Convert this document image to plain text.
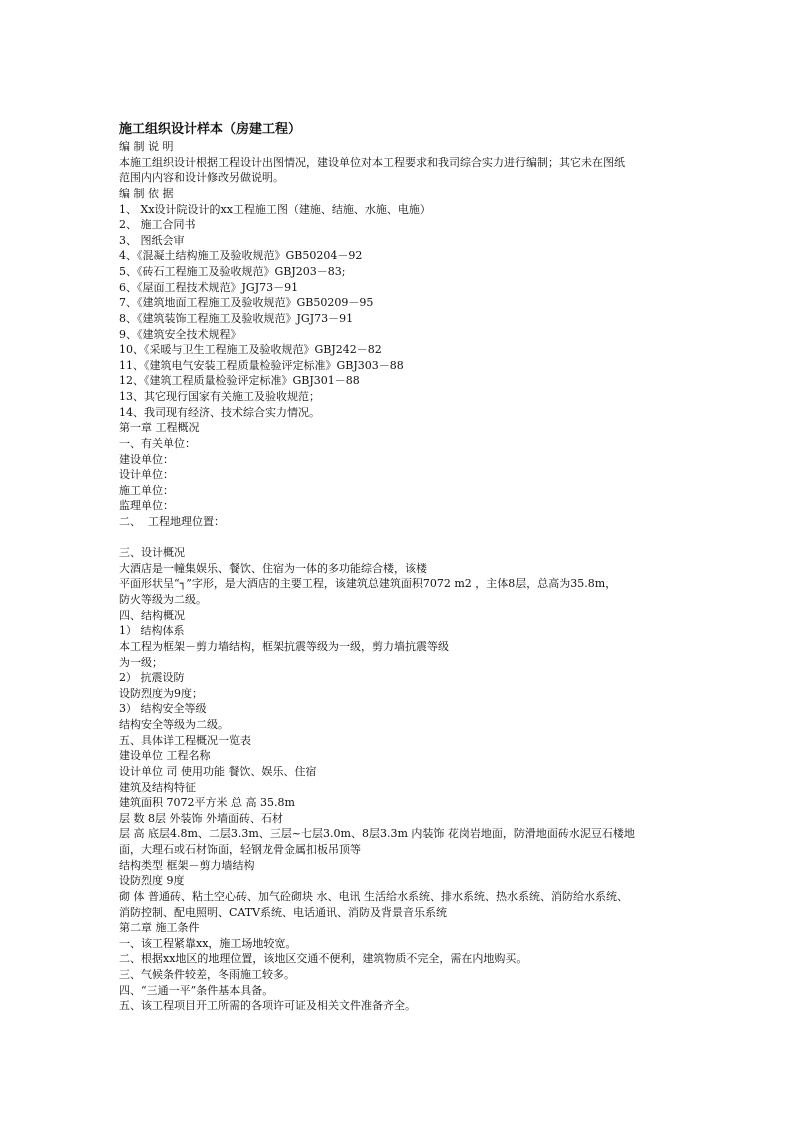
施工组织设计样本（房建工程）

编 制 说 明

本施工组织设计根据工程设计出图情况，建设单位对本工程要求和我司综合实力进行编制；其它未在图纸

范围内内容和设计修改另做说明。

编 制 依 据

1、 Xx设计院设计的xx工程施工图（建施、结施、水施、电施）

2、 施工合同书

3、 图纸会审

4、《混凝土结构施工及验收规范》GB50204－92

5、《砖石工程施工及验收规范》GBJ203－83;

6、《屋面工程技术规范》JGJ73－91

7、《建筑地面工程施工及验收规范》GB50209－95

8、《建筑装饰工程施工及验收规范》JGJ73－91

9、《建筑安全技术规程》

10、《采暖与卫生工程施工及验收规范》GBJ242－82

11、《建筑电气安装工程质量检验评定标准》GBJ303－88

12、《建筑工程质量检验评定标准》GBJ301－88

13、其它现行国家有关施工及验收规范；

14、我司现有经济、技术综合实力情况。

第一章 工程概况

一、有关单位：

建设单位：

设计单位：

施工单位：

监理单位：

二、  工程地理位置：

三、设计概况

大酒店是一幢集娱乐、餐饮、住宿为一体的多功能综合楼，该楼

平面形状呈“┐”字形，是大酒店的主要工程，该建筑总建筑面积7072 m2 ，主体8层，总高为35.8m，

防火等级为二级。

四、结构概况

1） 结构体系

本工程为框架－剪力墙结构，框架抗震等级为一级，剪力墙抗震等级

为一级；

2） 抗震设防

设防烈度为9度；

3） 结构安全等级

结构安全等级为二级。

五、具体详工程概况一览表

建设单位 工程名称

设计单位 司 使用功能 餐饮、娱乐、住宿

建筑及结构特征

建筑面积 7072平方米 总 高 35.8m

层 数 8层 外装饰 外墙面砖、石材

层 高 底层4.8m、二层3.3m、三层~七层3.0m、8层3.3m 内装饰 花岗岩地面，防滑地面砖水泥豆石楼地

面，大理石或石材饰面，轻钢龙骨金属扣板吊顶等

结构类型 框架－剪力墙结构

设防烈度 9度

砌 体 普通砖、粘土空心砖、加气砼砌块 水、电讯 生活给水系统、排水系统、热水系统、消防给水系统、

消防控制、配电照明、CATV系统、电话通讯、消防及背景音乐系统

第二章 施工条件

一、该工程紧靠xx，施工场地较宽。

二、根据xx地区的地理位置，该地区交通不便利，建筑物质不完全，需在内地购买。

三、气候条件较差，冬雨施工较多。

四、“三通一平”条件基本具备。

五、该工程项目开工所需的各项许可证及相关文件准备齐全。
